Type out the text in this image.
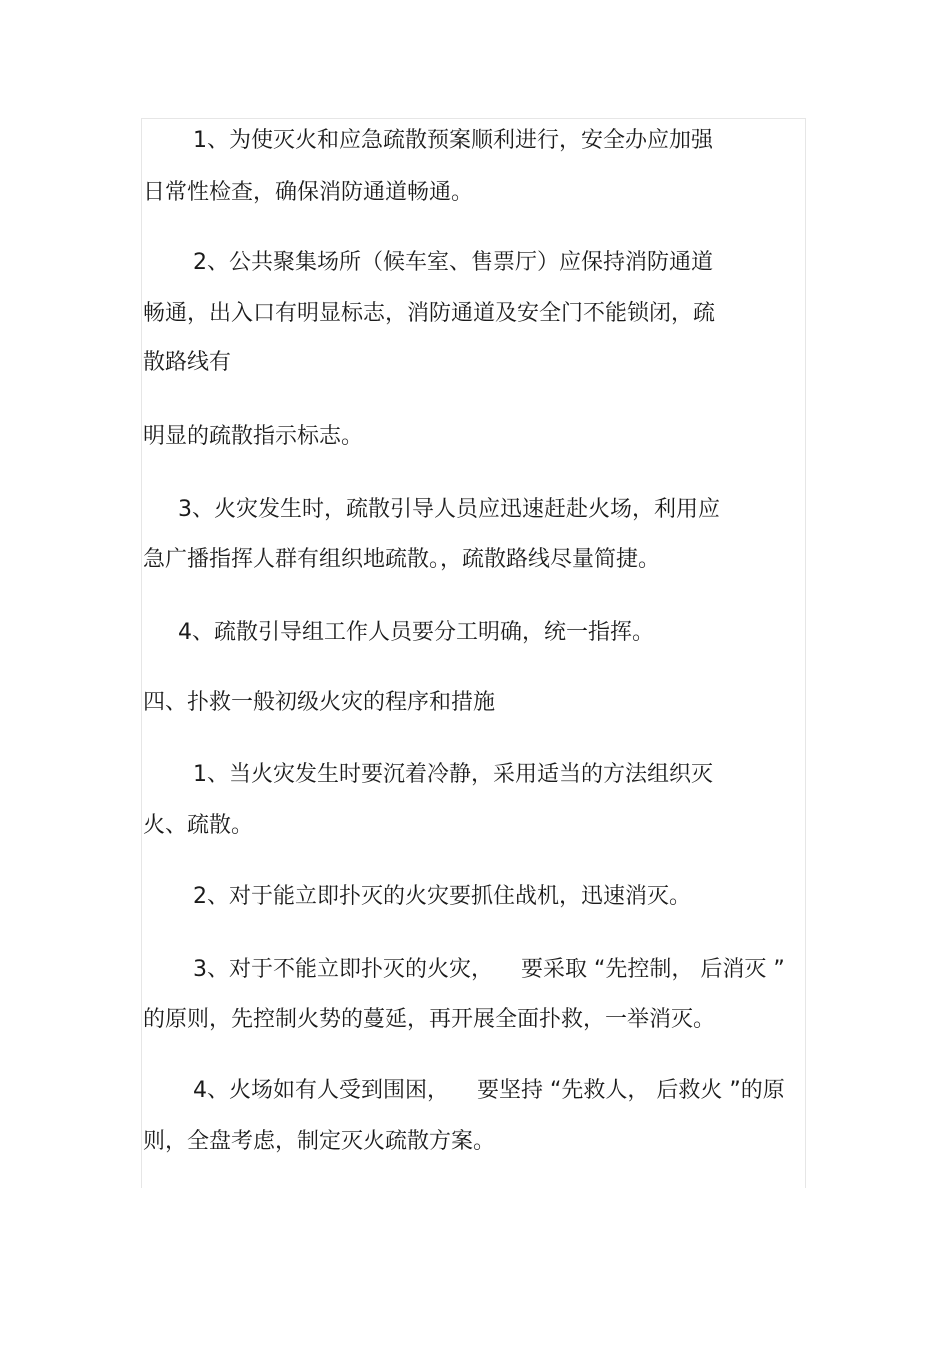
1、为使灭火和应急疏散预案顺利进行，安全办应加强
日常性检查，确保消防通道畅通。
2、公共聚集场所（候车室、售票厅）应保持消防通道
畅通，出入口有明显标志，消防通道及安全门不能锁闭，疏
散路线有
明显的疏散指示标志。
3、火灾发生时，疏散引导人员应迅速赶赴火场，利用应
急广播指挥人群有组织地疏散。，疏散路线尽量简捷。
4、疏散引导组工作人员要分工明确，统一指挥。
四、扑救一般初级火灾的程序和措施
1、当火灾发生时要沉着冷静，采用适当的方法组织灭
火、疏散。
2、对于能立即扑灭的火灾要抓住战机，迅速消灭。
3、对于不能立即扑灭的火灾，    要采取 “先控制， 后消灭 ”
的原则，先控制火势的蔓延，再开展全面扑救，一举消灭。
4、火场如有人受到围困，    要坚持 “先救人， 后救火 ”的原
则，全盘考虑，制定灭火疏散方案。
